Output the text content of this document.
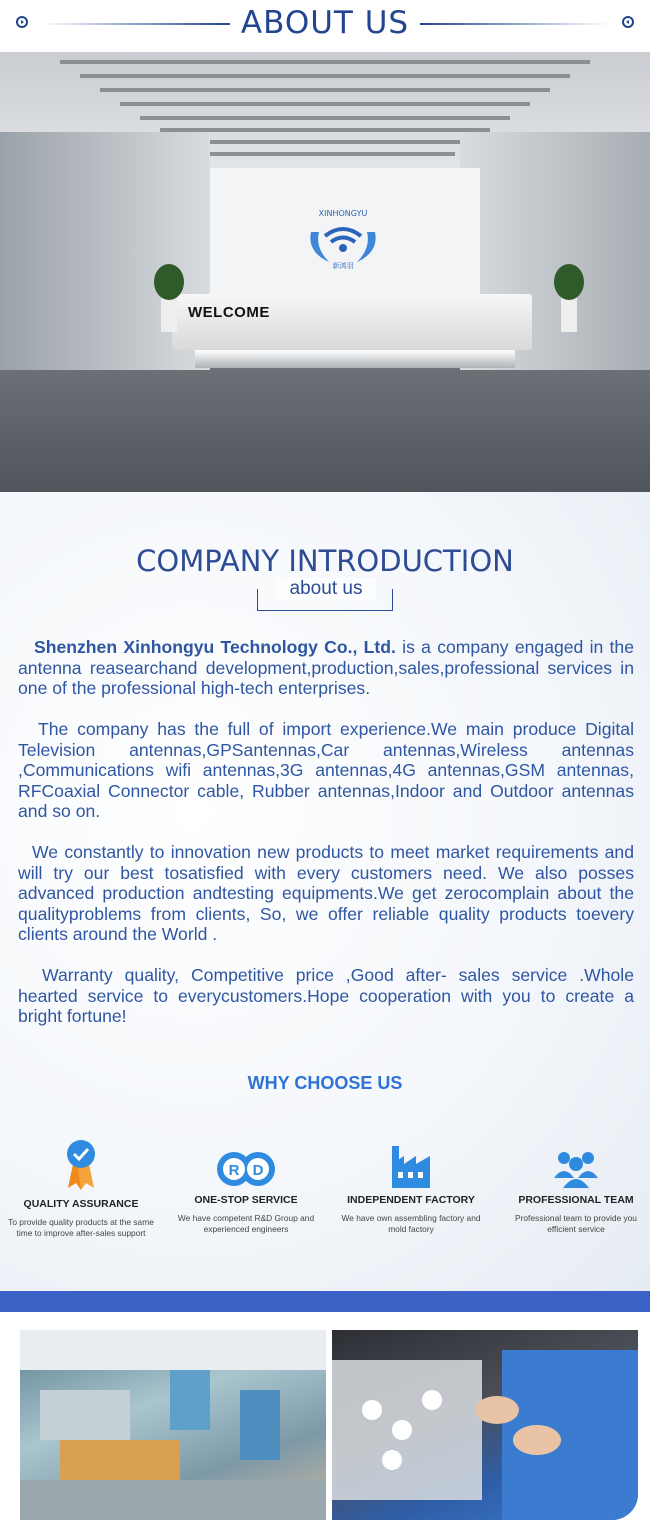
ABOUT US
XINHONGYU
新鸿羽
WELCOME
COMPANY INTRODUCTION
about us
Shenzhen Xinhongyu Technology Co., Ltd. is a company engaged in the antenna reasearchand development,production,sales,professional services in one of the professional high-tech enterprises.
The company has the full of import experience.We main produce Digital Television antennas,GPSantennas,Car antennas,Wireless antennas ,Communications wifi antennas,3G antennas,4G antennas,GSM antennas, RFCoaxial Connector cable, Rubber antennas,Indoor and Outdoor antennas and so on.
We constantly to innovation new products to meet market requirements and will try our best tosatisfied with every customers need. We also posses advanced production andtesting equipments.We get zerocomplain about the qualityproblems from clients, So, we offer reliable quality products toevery clients around the World .
Warranty quality, Competitive price ,Good after- sales service .Whole hearted service to everycustomers.Hope cooperation with you to create a bright fortune!
WHY CHOOSE US
QUALITY ASSURANCE
To provide quality products at the same time to improve after-sales support
R D
ONE-STOP SERVICE
We have competent R&D Group and experienced engineers
INDEPENDENT FACTORY
We have own assembling factory and mold factory
PROFESSIONAL TEAM
Professional team to provide you efficient service
